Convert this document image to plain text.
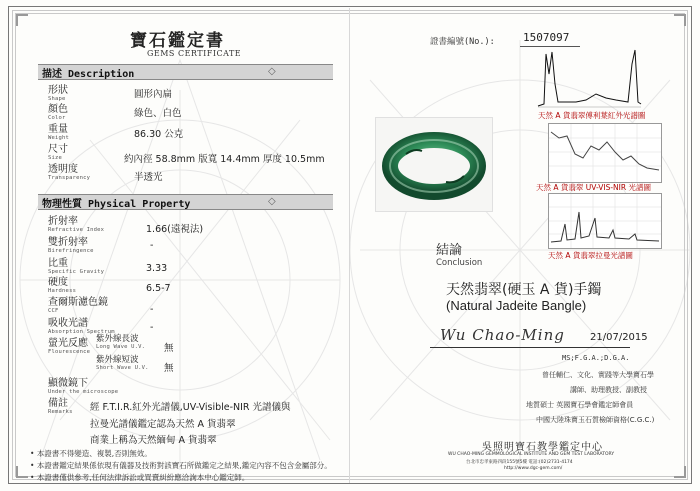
寶石鑑定書
GEMS CERTIFICATE
描述 Description	◇
形狀
Shape	圓形內扁
顏色
Color	綠色、白色
重量
Weight	86.30 公克
尺寸
Size	約內徑 58.8mm 版寬 14.4mm 厚度 10.5mm
透明度
Transparency	半透光
物理性質 Physical Property	◇
折射率
Refractive Index	1.66(遠視法)
雙折射率
Birefringence	-
比重
Specific Gravity	3.33
硬度
Hardness	6.5-7
查爾斯濾色鏡
CCF	-
吸收光譜
Absorption Spectrum	-
螢光反應
Flourescence
紫外線長波
Long Wave U.V. 無
紫外線短波
Short Wave U.V. 無
顯微鏡下
Under the microscope
備註
Remarks 經 F.T.I.R.紅外光譜儀,UV-Visible-NIR 光譜儀與
拉曼光譜儀鑑定認為天然 A 貨翡翠
商業上稱為天然緬甸 A 貨翡翠
• 本證書不得變造、複製,否則無效。
• 本證書鑑定結果係依現有儀器及技術對該寶石所做鑑定之結果,鑑定內容不包含金屬部分。
• 本證書僅供參考,任何法律訴訟或買賣糾紛應洽詢本中心鑑定師。
證書編號(No.):	1507097
天然 A 貨翡翠傅利葉紅外光譜圖
天然 A 貨翡翠 UV-VIS-NIR 光譜圖
天然 A 貨翡翠拉曼光譜圖
結論
Conclusion
天然翡翠(硬玉 A 貨)手鐲
(Natural Jadeite Bangle)
Wu Chao-Ming	21/07/2015
MS;F.G.A.;D.G.A.
曾任輔仁、文化、實踐等大學寶石學
講師、助理教授、副教授
地質碩士 英國寶石學會鑑定師會員
中國大陸珠寶玉石質檢師資格(C.G.C.)
吳照明寶石教學鑑定中心
WU CHAO-MING GEMMOLOGICAL INSTITUTE AND GEM TEST LABORATORY
台北市忠孝東路四段155號5樓 電話:(02)2731-4174
http://www.dgc-gem.com/
